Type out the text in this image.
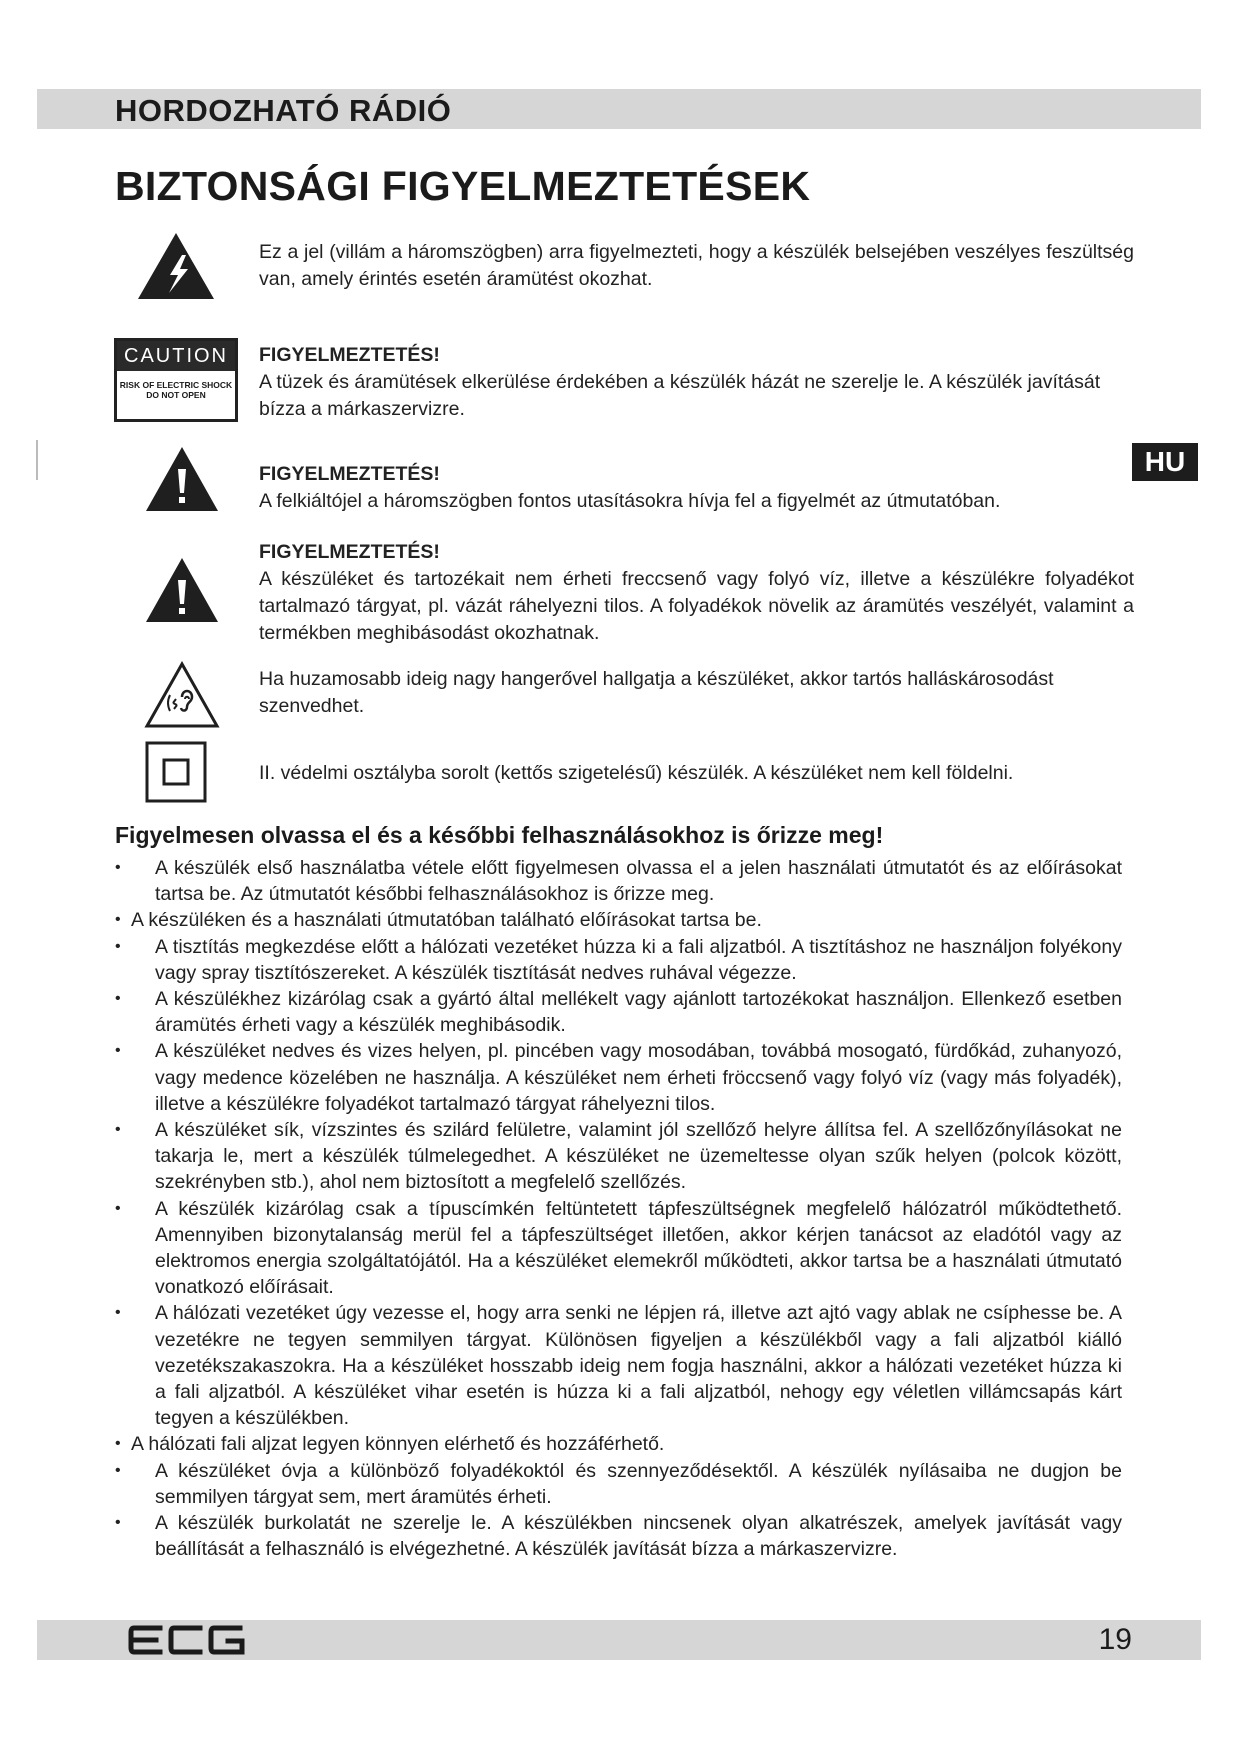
HORDOZHATÓ RÁDIÓ
BIZTONSÁGI FIGYELMEZTETÉSEK
HU
Ez a jel (villám a háromszögben) arra figyelmezteti, hogy a készülék belsejében veszélyes feszültség van, amely érintés esetén áramütést okozhat.
CAUTION
RISK OF ELECTRIC SHOCK
DO NOT OPEN
FIGYELMEZTETÉS!
A tüzek és áramütések elkerülése érdekében a készülék házát ne szerelje le. A készülék javítását bízza a márkaszervizre.
FIGYELMEZTETÉS!
A felkiáltójel a háromszögben fontos utasításokra hívja fel a figyelmét az útmutatóban.
FIGYELMEZTETÉS!
A készüléket és tartozékait nem érheti freccsenő vagy folyó víz, illetve a készülékre folyadékot tartalmazó tárgyat, pl. vázát ráhelyezni tilos. A folyadékok növelik az áramütés veszélyét, valamint a termékben meghibásodást okozhatnak.
Ha huzamosabb ideig nagy hangerővel hallgatja a készüléket, akkor tartós halláskárosodást szenvedhet.
II. védelmi osztályba sorolt (kettős szigetelésű) készülék. A készüléket nem kell földelni.
Figyelmesen olvassa el és a későbbi felhasználásokhoz is őrizze meg!
• A készülék első használatba vétele előtt figyelmesen olvassa el a jelen használati útmutatót és az előírásokat tartsa be. Az útmutatót későbbi felhasználásokhoz is őrizze meg.
• A készüléken és a használati útmutatóban található előírásokat tartsa be.
• A tisztítás megkezdése előtt a hálózati vezetéket húzza ki a fali aljzatból. A tisztításhoz ne használjon folyékony vagy spray tisztítószereket. A készülék tisztítását nedves ruhával végezze.
• A készülékhez kizárólag csak a gyártó által mellékelt vagy ajánlott tartozékokat használjon. Ellenkező esetben áramütés érheti vagy a készülék meghibásodik.
• A készüléket nedves és vizes helyen, pl. pincében vagy mosodában, továbbá mosogató, fürdőkád, zuhanyozó, vagy medence közelében ne használja. A készüléket nem érheti fröccsenő vagy folyó víz (vagy más folyadék), illetve a készülékre folyadékot tartalmazó tárgyat ráhelyezni tilos.
• A készüléket sík, vízszintes és szilárd felületre, valamint jól szellőző helyre állítsa fel. A szellőzőnyílásokat ne takarja le, mert a készülék túlmelegedhet. A készüléket ne üzemeltesse olyan szűk helyen (polcok között, szekrényben stb.), ahol nem biztosított a megfelelő szellőzés.
• A készülék kizárólag csak a típuscímkén feltüntetett tápfeszültségnek megfelelő hálózatról működtethető. Amennyiben bizonytalanság merül fel a tápfeszültséget illetően, akkor kérjen tanácsot az eladótól vagy az elektromos energia szolgáltatójától. Ha a készüléket elemekről működteti, akkor tartsa be a használati útmutató vonatkozó előírásait.
• A hálózati vezetéket úgy vezesse el, hogy arra senki ne lépjen rá, illetve azt ajtó vagy ablak ne csíphesse be. A vezetékre ne tegyen semmilyen tárgyat. Különösen figyeljen a készülékből vagy a fali aljzatból kiálló vezetékszakaszokra. Ha a készüléket hosszabb ideig nem fogja használni, akkor a hálózati vezetéket húzza ki a fali aljzatból. A készüléket vihar esetén is húzza ki a fali aljzatból, nehogy egy véletlen villámcsapás kárt tegyen a készülékben.
• A hálózati fali aljzat legyen könnyen elérhető és hozzáférhető.
• A készüléket óvja a különböző folyadékoktól és szennyeződésektől. A készülék nyílásaiba ne dugjon be semmilyen tárgyat sem, mert áramütés érheti.
• A készülék burkolatát ne szerelje le. A készülékben nincsenek olyan alkatrészek, amelyek javítását vagy beállítását a felhasználó is elvégezhetné. A készülék javítását bízza a márkaszervizre.
19
